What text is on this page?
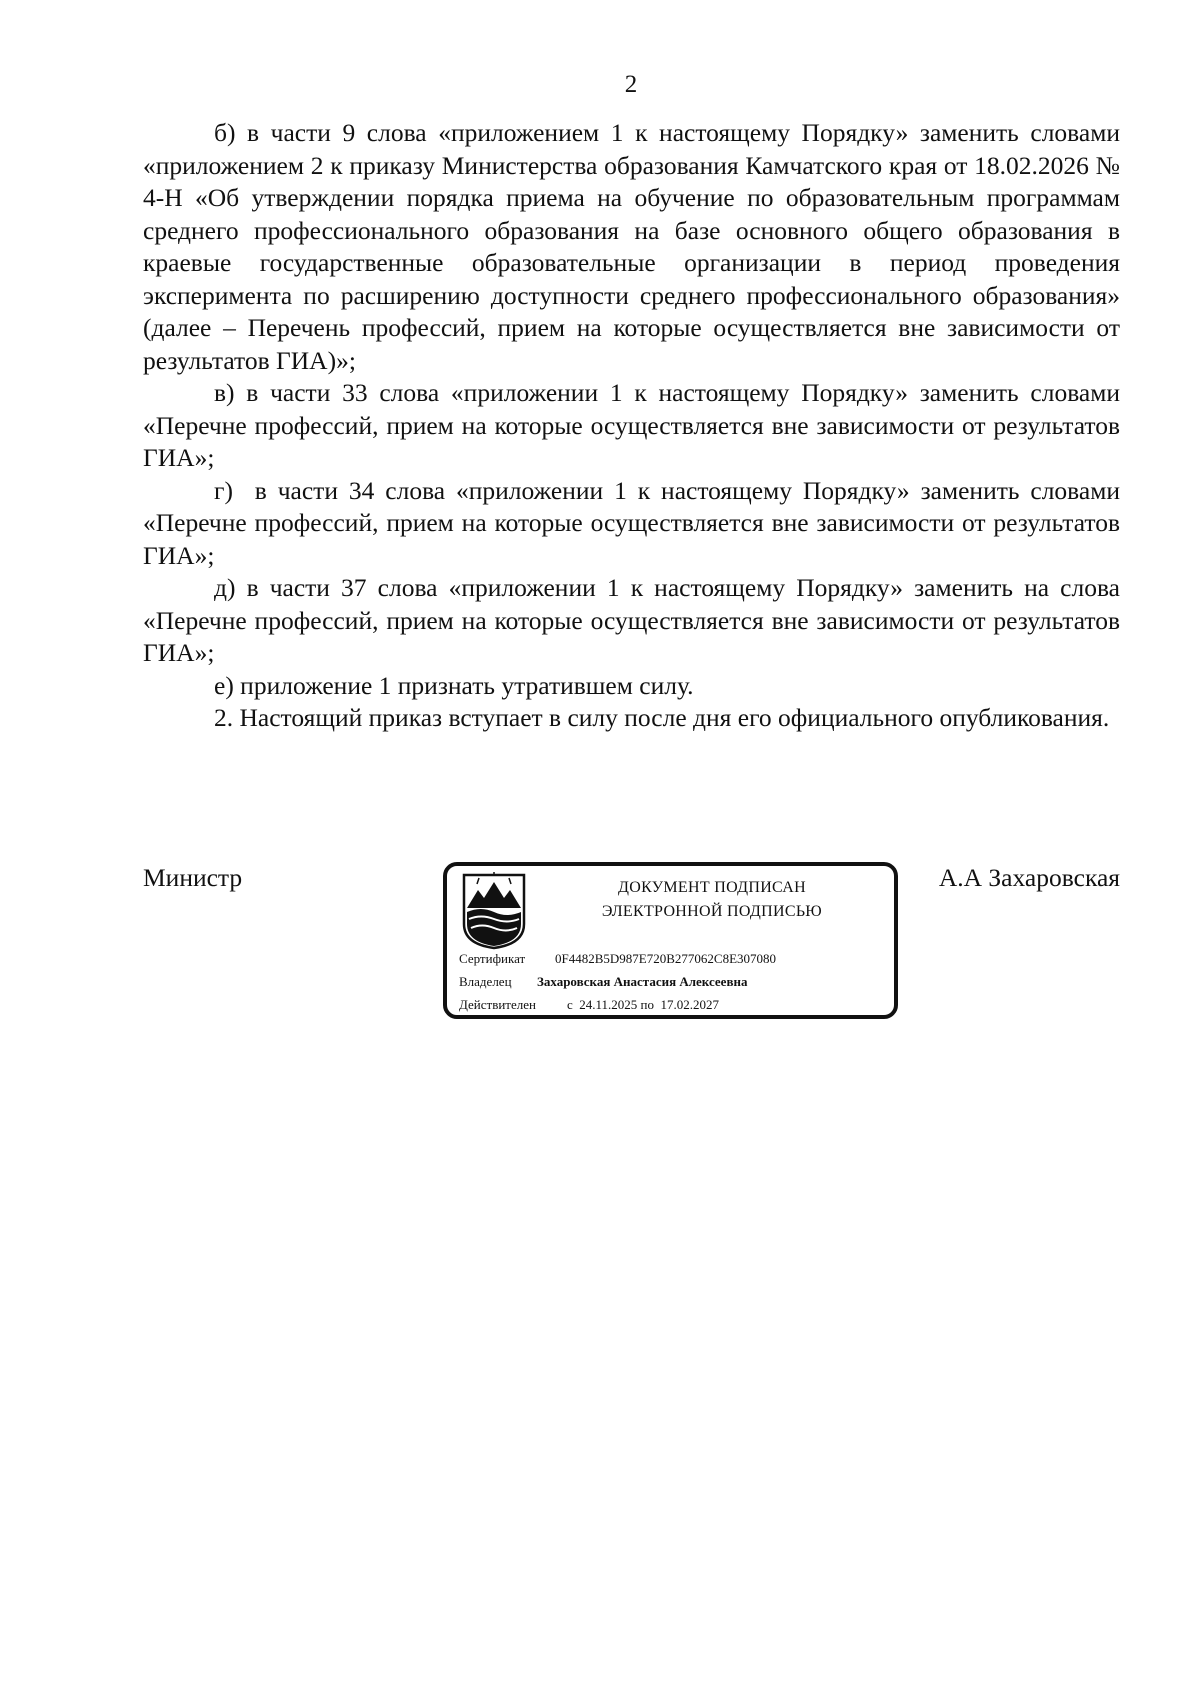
2

б) в части 9 слова «приложением 1 к настоящему Порядку» заменить словами «приложением 2 к приказу Министерства образования Камчатского края от 18.02.2026 № 4-Н «Об утверждении порядка приема на обучение по образовательным программам среднего профессионального образования на базе основного общего образования в краевые государственные образовательные организации в период проведения эксперимента по расширению доступности среднего профессионального образования» (далее – Перечень профессий, прием на которые осуществляется вне зависимости от результатов ГИА)»;

в) в части 33 слова «приложении 1 к настоящему Порядку» заменить словами «Перечне профессий, прием на которые осуществляется вне зависимости от результатов ГИА»;

г)  в части 34 слова «приложении 1 к настоящему Порядку» заменить словами «Перечне профессий, прием на которые осуществляется вне зависимости от результатов ГИА»;

д) в части 37 слова «приложении 1 к настоящему Порядку» заменить на слова «Перечне профессий, прием на которые осуществляется вне зависимости от результатов ГИА»;

е) приложение 1 признать утратившем силу.

2. Настоящий приказ вступает в силу после дня его официального опубликования.

Министр	ДОКУМЕНТ ПОДПИСАН
ЭЛЕКТРОННОЙ ПОДПИСЬЮ
Сертификат 0F4482B5D987E720B277062C8E307080
Владелец Захаровская Анастасия Алексеевна
Действителен с  24.11.2025 по  17.02.2027
А.А Захаровская
